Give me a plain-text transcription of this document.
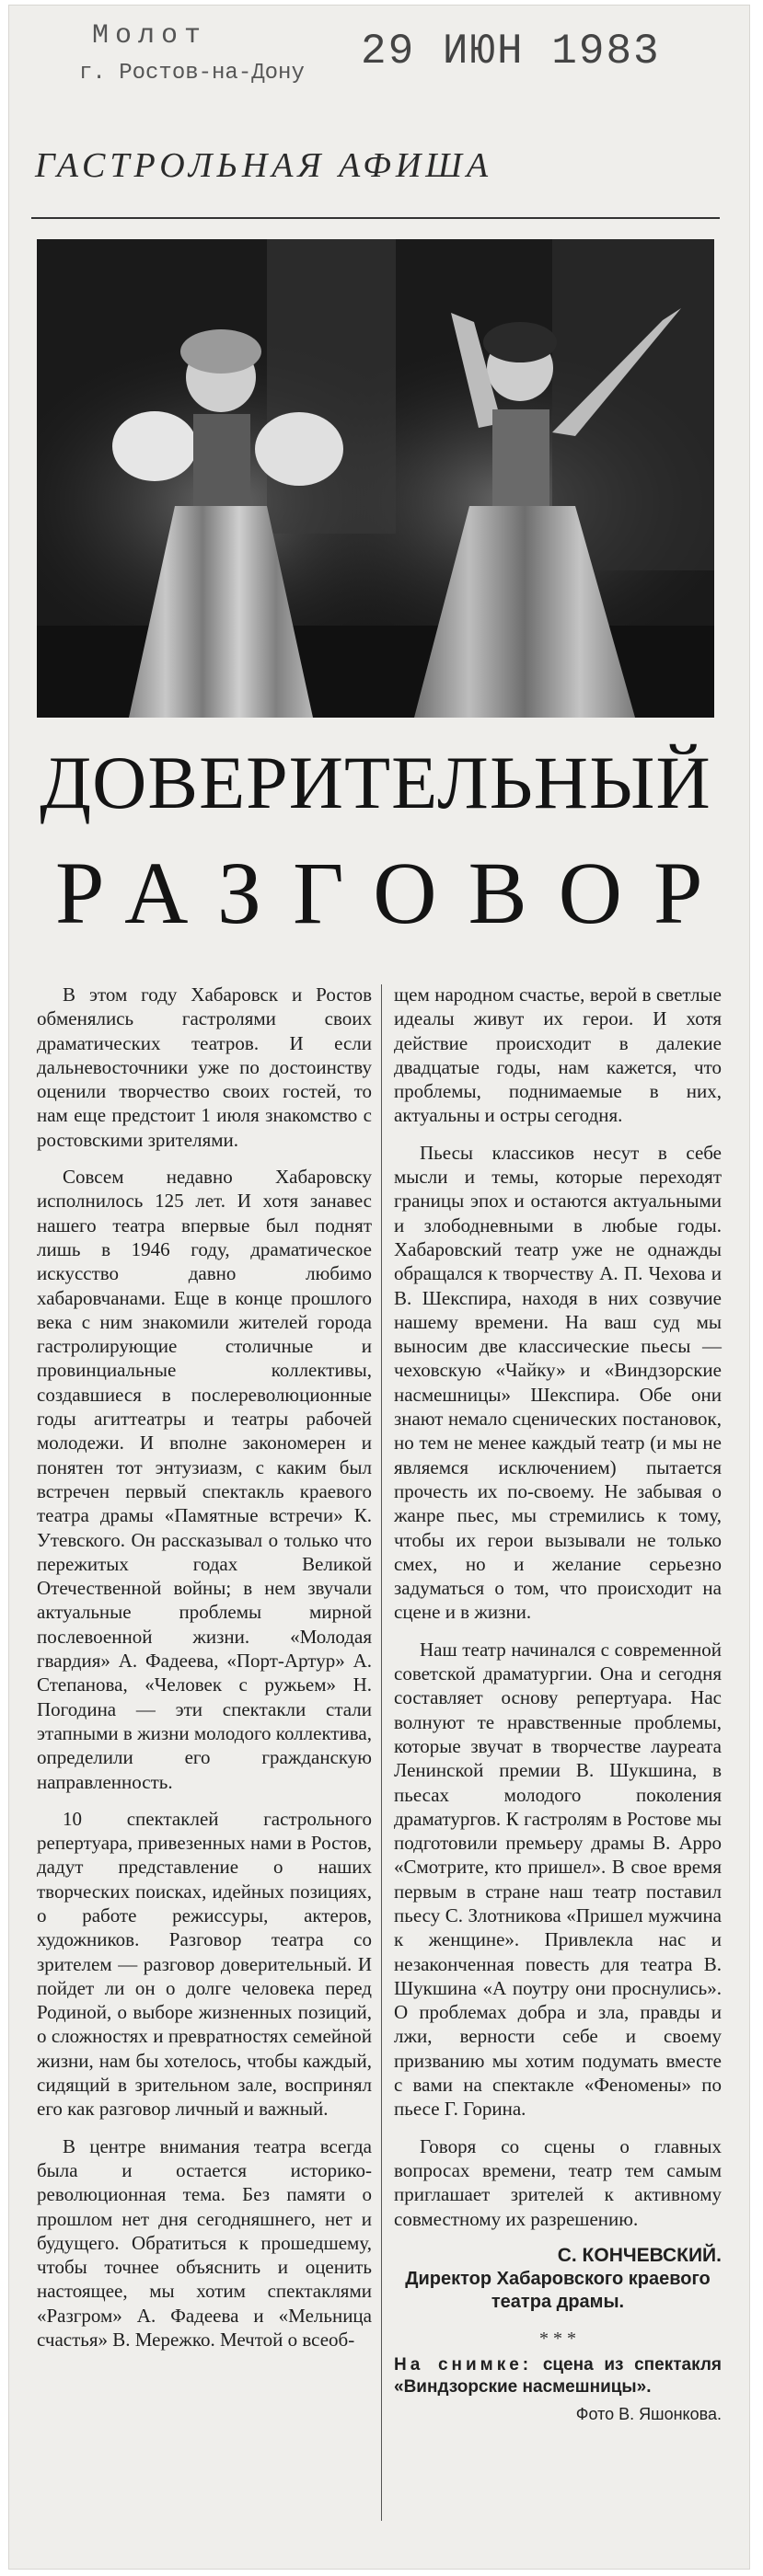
Молот
г. Ростов-на-Дону 29 ИЮН 1983
ГАСТРОЛЬНАЯ АФИША
ДОВЕРИТЕЛЬНЫЙ
РАЗГОВОР

В этом году Хабаровск и Ростов обменялись гастролями своих драматических театров. И если дальневосточники уже по достоинству оценили творчество своих гостей, то нам еще предстоит 1 июля знакомство с ростовскими зрителями.

Совсем недавно Хабаровску исполнилось 125 лет. И хотя занавес нашего театра впервые был поднят лишь в 1946 году, драматическое искусство давно любимо хабаровчанами. Еще в конце прошлого века с ним знакомили жителей города гастролирующие столичные и провинциальные коллективы, создавшиеся в послереволюционные годы агиттеатры и театры рабочей молодежи. И вполне закономерен и понятен тот энтузиазм, с каким был встречен первый спектакль краевого театра драмы «Памятные встречи» К. Утевского. Он рассказывал о только что пережитых годах Великой Отечественной войны; в нем звучали актуальные проблемы мирной послевоенной жизни. «Молодая гвардия» А. Фадеева, «Порт-Артур» А. Степанова, «Человек с ружьем» Н. Погодина — эти спектакли стали этапными в жизни молодого коллектива, определили его гражданскую направленность.

10 спектаклей гастрольного репертуара, привезенных нами в Ростов, дадут представление о наших творческих поисках, идейных позициях, о работе режиссуры, актеров, художников. Разговор театра со зрителем — разговор доверительный. И пойдет ли он о долге человека перед Родиной, о выборе жизненных позиций, о сложностях и превратностях семейной жизни, нам бы хотелось, чтобы каждый, сидящий в зрительном зале, воспринял его как разговор личный и важный.

В центре внимания театра всегда была и остается историко-революционная тема. Без памяти о прошлом нет дня сегодняшнего, нет и будущего. Обратиться к прошедшему, чтобы точнее объяснить и оценить настоящее, мы хотим спектаклями «Разгром» А. Фадеева и «Мельница счастья» В. Мережко. Мечтой о всеоб-

щем народном счастье, верой в светлые идеалы живут их герои. И хотя действие происходит в далекие двадцатые годы, нам кажется, что проблемы, поднимаемые в них, актуальны и остры сегодня.

Пьесы классиков несут в себе мысли и темы, которые переходят границы эпох и остаются актуальными и злободневными в любые годы. Хабаровский театр уже не однажды обращался к творчеству А. П. Чехова и В. Шекспира, находя в них созвучие нашему времени. На ваш суд мы выносим две классические пьесы — чеховскую «Чайку» и «Виндзорские насмешницы» Шекспира. Обе они знают немало сценических постановок, но тем не менее каждый театр (и мы не являемся исключением) пытается прочесть их по-своему. Не забывая о жанре пьес, мы стремились к тому, чтобы их герои вызывали не только смех, но и желание серьезно задуматься о том, что происходит на сцене и в жизни.

Наш театр начинался с современной советской драматургии. Она и сегодня составляет основу репертуара. Нас волнуют те нравственные проблемы, которые звучат в творчестве лауреата Ленинской премии В. Шукшина, в пьесах молодого поколения драматургов. К гастролям в Ростове мы подготовили премьеру драмы В. Арро «Смотрите, кто пришел». В свое время первым в стране наш театр поставил пьесу С. Злотникова «Пришел мужчина к женщине». Привлекла нас и незаконченная повесть для театра В. Шукшина «А поутру они проснулись». О проблемах добра и зла, правды и лжи, верности себе и своему призванию мы хотим подумать вместе с вами на спектакле «Феномены» по пьесе Г. Горина.

Говоря со сцены о главных вопросах времени, театр тем самым приглашает зрителей к активному совместному их разрешению.

С. КОНЧЕВСКИЙ.
Директор Хабаровского краевого театра драмы.
* * *
На снимке: сцена из спектакля «Виндзорские насмешницы».
Фото В. Яшонкова.
